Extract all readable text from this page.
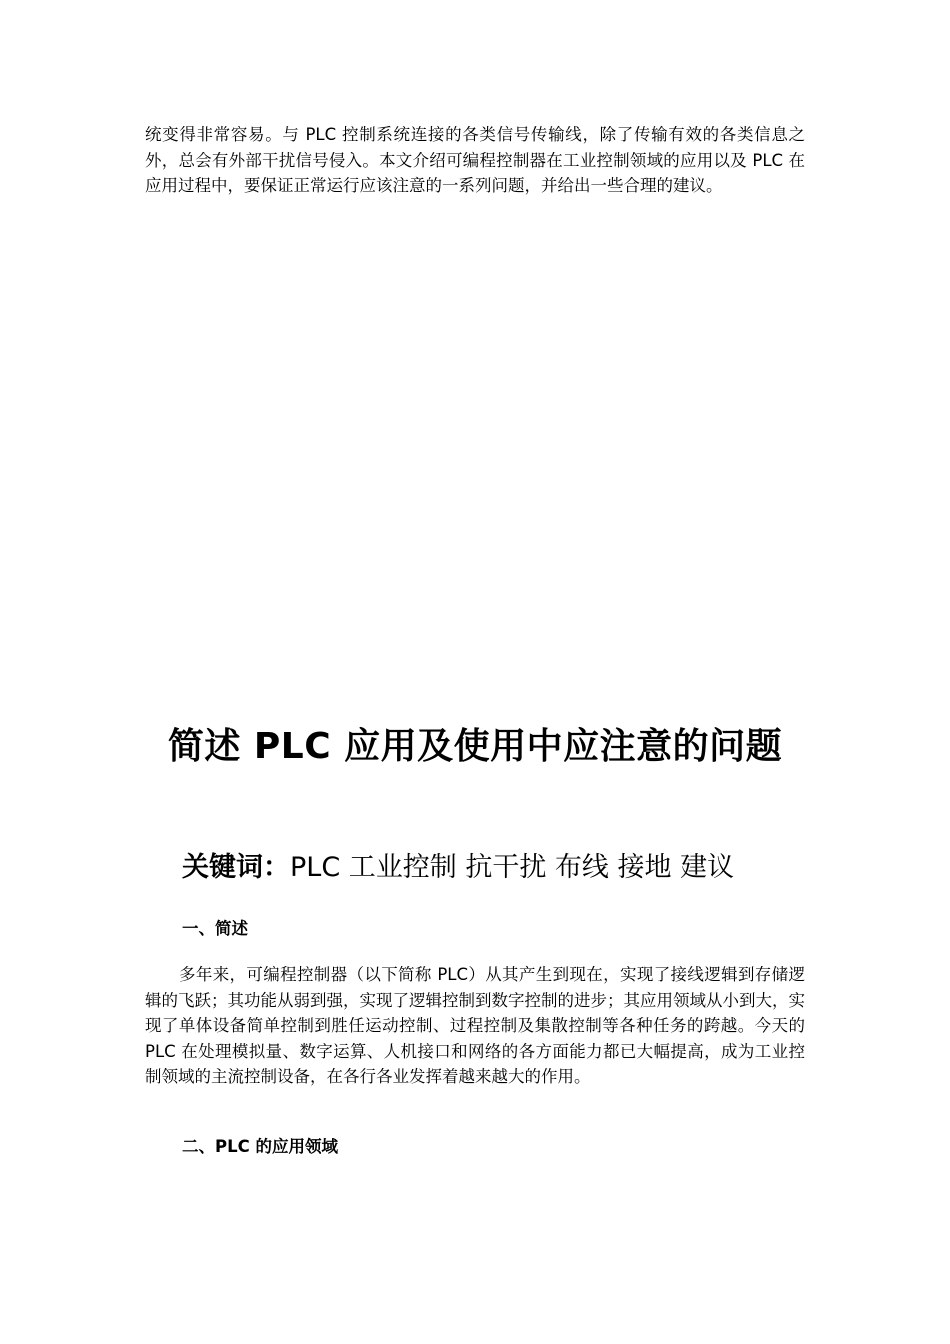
统变得非常容易。与 PLC 控制系统连接的各类信号传输线，除了传输有效的各类信息之外，总会有外部干扰信号侵入。本文介绍可编程控制器在工业控制领域的应用以及 PLC 在应用过程中，要保证正常运行应该注意的一系列问题，并给出一些合理的建议。

简述 PLC 应用及使用中应注意的问题

关键词：PLC 工业控制 抗干扰 布线 接地 建议

一、简述

多年来，可编程控制器（以下简称 PLC）从其产生到现在，实现了接线逻辑到存储逻辑的飞跃；其功能从弱到强，实现了逻辑控制到数字控制的进步；其应用领域从小到大，实现了单体设备简单控制到胜任运动控制、过程控制及集散控制等各种任务的跨越。今天的 PLC 在处理模拟量、数字运算、人机接口和网络的各方面能力都已大幅提高，成为工业控制领域的主流控制设备，在各行各业发挥着越来越大的作用。

二、PLC 的应用领域
